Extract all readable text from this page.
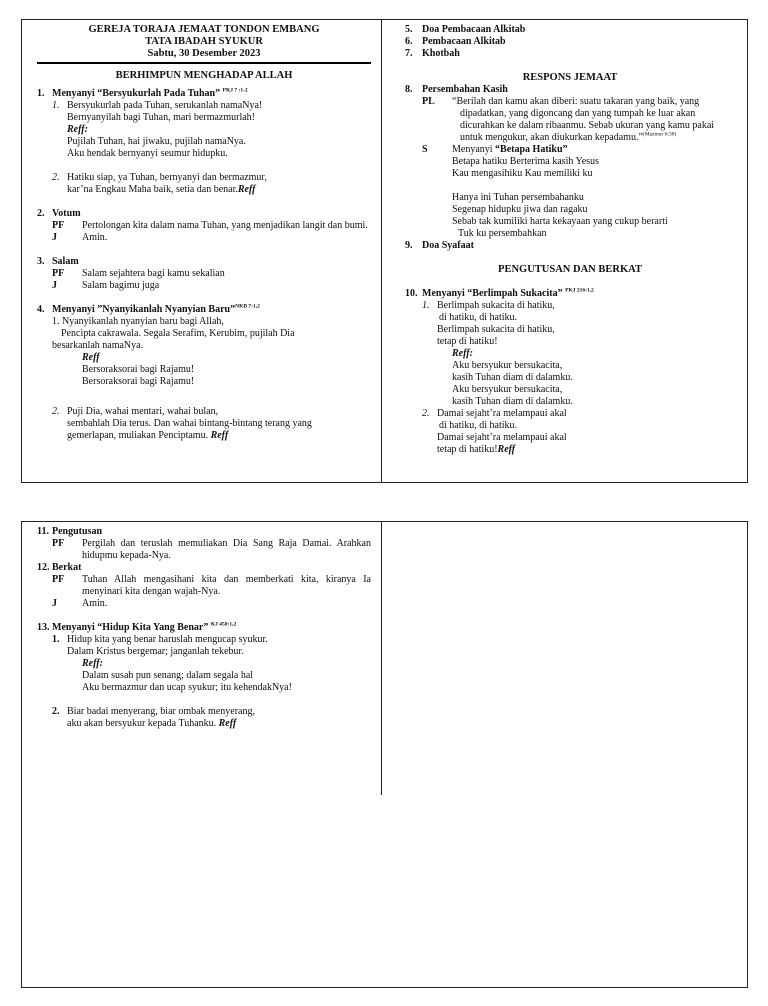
GEREJA TORAJA JEMAAT TONDON EMBANG
TATA IBADAH SYUKUR
Sabtu, 30 Desember 2023
BERHIMPUN MENGHADAP ALLAH
1. Menyanyi “Bersyukurlah Pada Tuhan” $^{PKJ 7 :1-2}$
1. Bersyukurlah pada Tuhan, serukanlah namaNya!
Bernyanyilah bagi Tuhan, mari bermazmurlah!
Reff:
Pujilah Tuhan, hai jiwaku, pujilah namaNya.
Aku hendak bernyanyi seumur hidupku.
2. Hatiku siap, ya Tuhan, bernyanyi dan bermazmur,
kar’na Engkau Maha baik, setia dan benar.Reff
2. Votum
PF	Pertolongan kita dalam nama Tuhan, yang menjadikan langit dan bumi.
J	Amin.
3. Salam
PF	Salam sejahtera bagi kamu sekalian
J	Salam bagimu juga
4. Menyanyi ”Nyanyikanlah Nyanyian Baru”$^{NKB 7:1,2}$
1. Nyanyikanlah nyanyian baru bagi Allah,
Pencipta cakrawala. Segala Serafim, Kerubim, pujilah Dia
besarkanlah namaNya.
Reff
Bersoraksorai bagi Rajamu!
Bersoraksorai bagi Rajamu!
2. Puji Dia, wahai mentari, wahai bulan,
sembahlah Dia terus. Dan wahai bintang-bintang terang yang
gemerlapan, muliakan Penciptamu. Reff
5. Doa Pembacaan Alkitab
6. Pembacaan Alkitab
7. Khotbah
RESPONS JEMAAT
8. Persembahan Kasih
PL	“Berilah dan kamu akan diberi: suatu takaran yang baik, yang
dipadatkan, yang digoncang dan yang tumpah ke luar akan
dicurahkan ke dalam ribaanmu. Sebab ukuran yang kamu pakai
untuk mengukur, akan diukurkan kepadamu.”$^{(Mazmur 6:38)}$
S	Menyanyi “Betapa Hatiku”
Betapa hatiku Berterima kasih Yesus
Kau mengasihiku Kau memiliki ku
Hanya ini Tuhan persembahanku
Segenap hidupku jiwa dan ragaku
Sebab tak kumiliki harta kekayaan yang cukup berarti
Tuk ku persembahkan
9. Doa Syafaat
PENGUTUSAN DAN BERKAT
10. Menyanyi “Berlimpah Sukacita” $^{PKJ 216:1,2}$
1. Berlimpah sukacita di hatiku,
di hatiku, di hatiku.
Berlimpah sukacita di hatiku,
tetap di hatiku!
Reff:
Aku bersyukur bersukacita,
kasih Tuhan diam di dalamku.
Aku bersyukur bersukacita,
kasih Tuhan diam di dalamku.
2. Damai sejaht’ra melampaui akal
di hatiku, di hatiku.
Damai sejaht’ra melampaui akal
tetap di hatiku!Reff
11. Pengutusan
PF	Pergilah dan teruslah memuliakan Dia Sang Raja Damai. Arahkan hidupmu kepada-Nya.
12. Berkat
PF	Tuhan Allah mengasihani kita dan memberkati kita, kiranya Ia menyinari kita dengan wajah-Nya.
J	Amin.
13. Menyanyi “Hidup Kita Yang Benar” $^{KJ 450:1,2}$
1. Hidup kita yang benar haruslah mengucap syukur.
Dalam Kristus bergemar; janganlah tekebur.
Reff:
Dalam susah pun senang; dalam segala hal
Aku bermazmur dan ucap syukur; itu kehendakNya!
2. Biar badai menyerang, biar ombak menyerang,
aku akan bersyukur kepada Tuhanku. Reff
